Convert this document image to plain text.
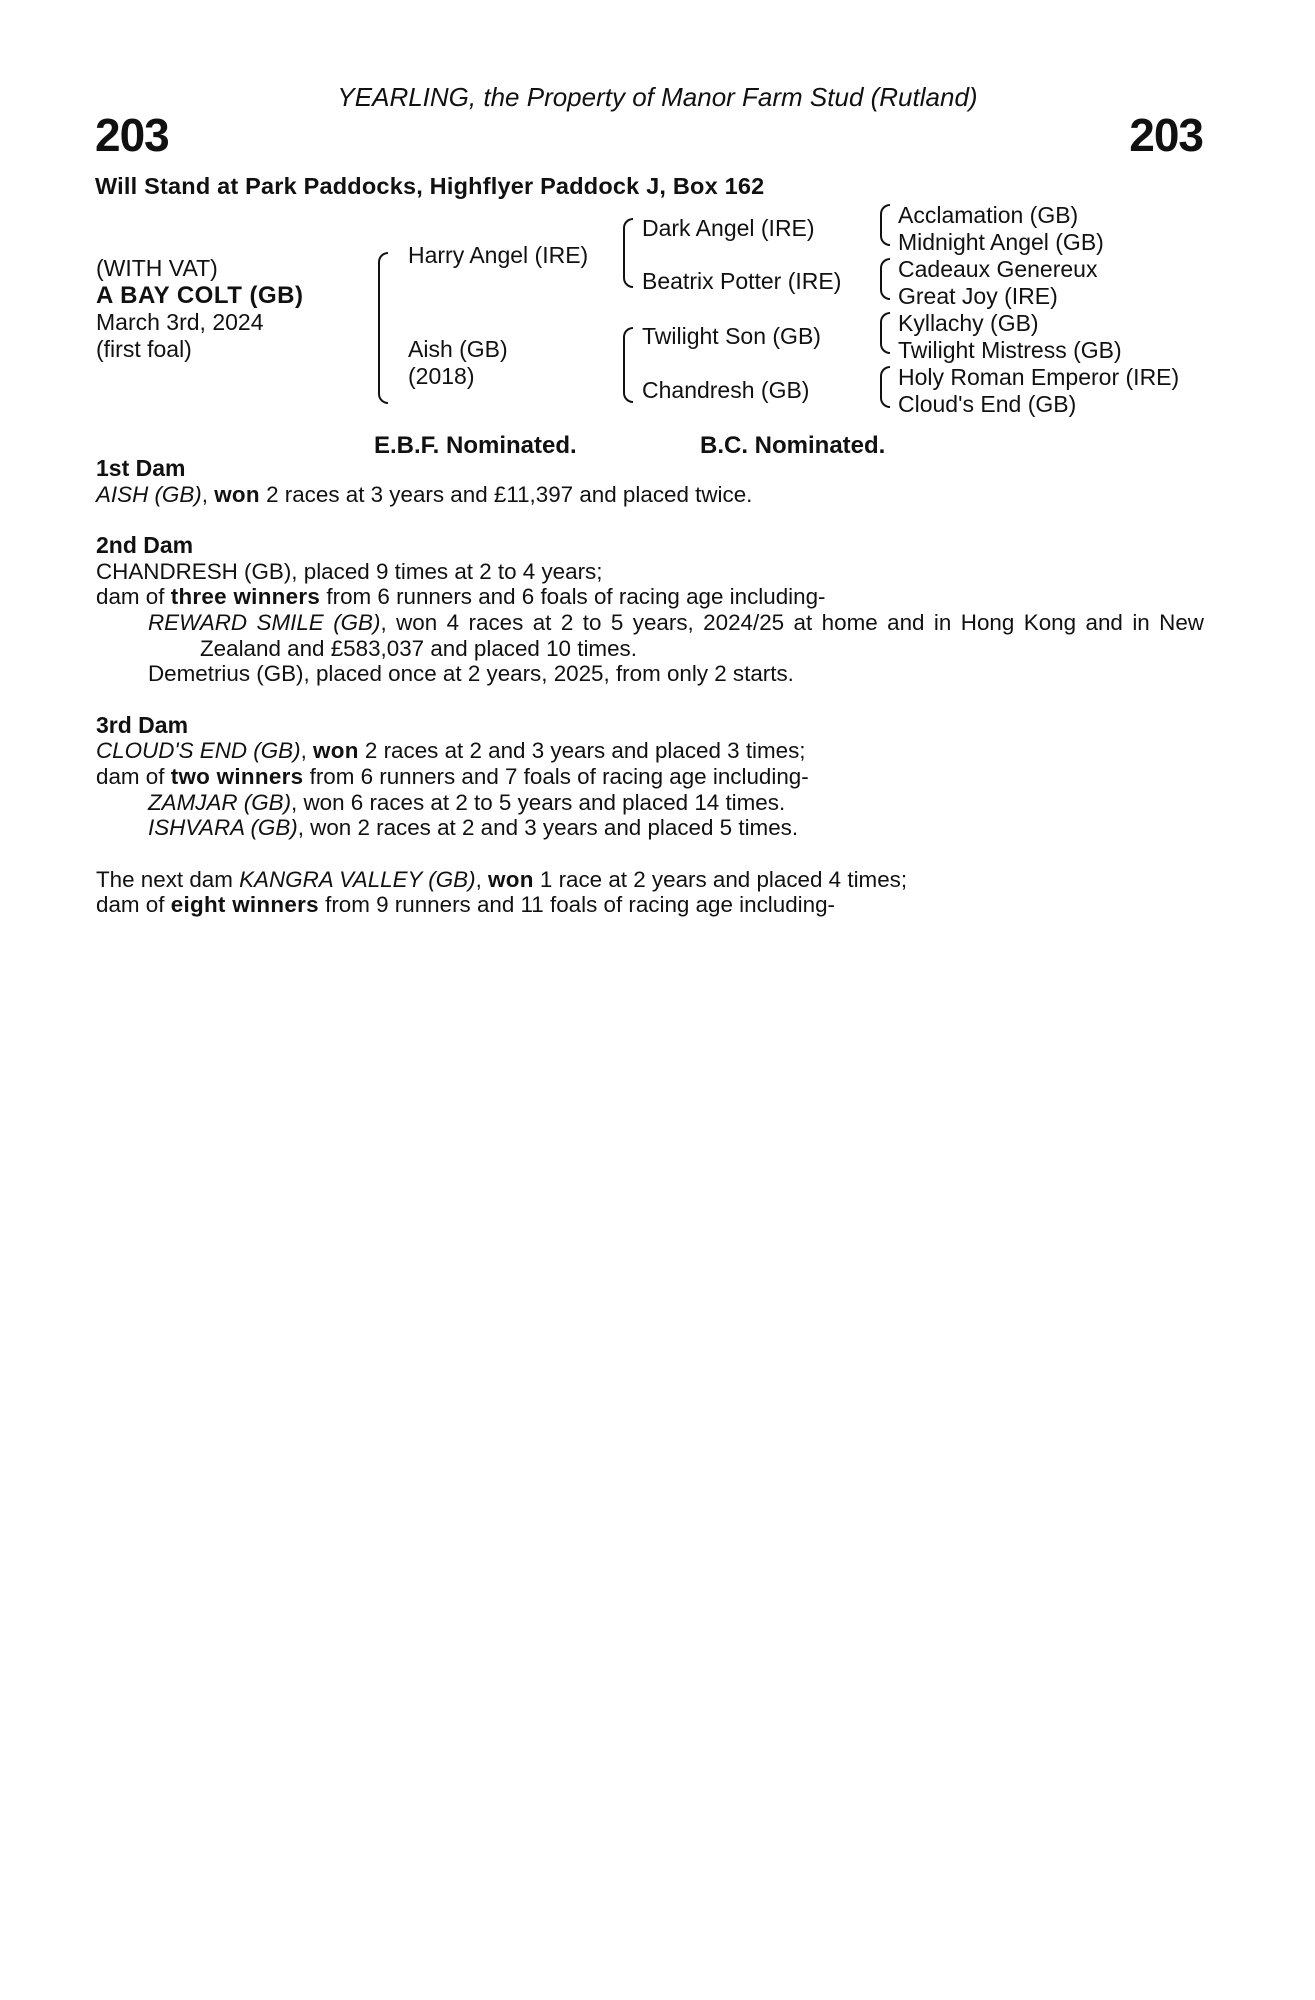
YEARLING, the Property of Manor Farm Stud (Rutland)
203	203
Will Stand at Park Paddocks, Highflyer Paddock J, Box 162
(WITH VAT)
A BAY COLT (GB)
March 3rd, 2024
(first foal)
Harry Angel (IRE)
Aish (GB)
(2018)
Dark Angel (IRE)
Beatrix Potter (IRE)
Twilight Son (GB)
Chandresh (GB)
Acclamation (GB)
Midnight Angel (GB)
Cadeaux Genereux
Great Joy (IRE)
Kyllachy (GB)
Twilight Mistress (GB)
Holy Roman Emperor (IRE)
Cloud's End (GB)
E.B.F. Nominated.	B.C. Nominated.
1st Dam

AISH (GB), won 2 races at 3 years and £11,397 and placed twice.

2nd Dam

CHANDRESH (GB), placed 9 times at 2 to 4 years;

dam of three winners from 6 runners and 6 foals of racing age including-

REWARD SMILE (GB), won 4 races at 2 to 5 years, 2024/25 at home and in Hong Kong and in New Zealand and £583,037 and placed 10 times.

Demetrius (GB), placed once at 2 years, 2025, from only 2 starts.

3rd Dam

CLOUD'S END (GB), won 2 races at 2 and 3 years and placed 3 times;

dam of two winners from 6 runners and 7 foals of racing age including-

ZAMJAR (GB), won 6 races at 2 to 5 years and placed 14 times.

ISHVARA (GB), won 2 races at 2 and 3 years and placed 5 times.

The next dam KANGRA VALLEY (GB), won 1 race at 2 years and placed 4 times;

dam of eight winners from 9 runners and 11 foals of racing age including-
